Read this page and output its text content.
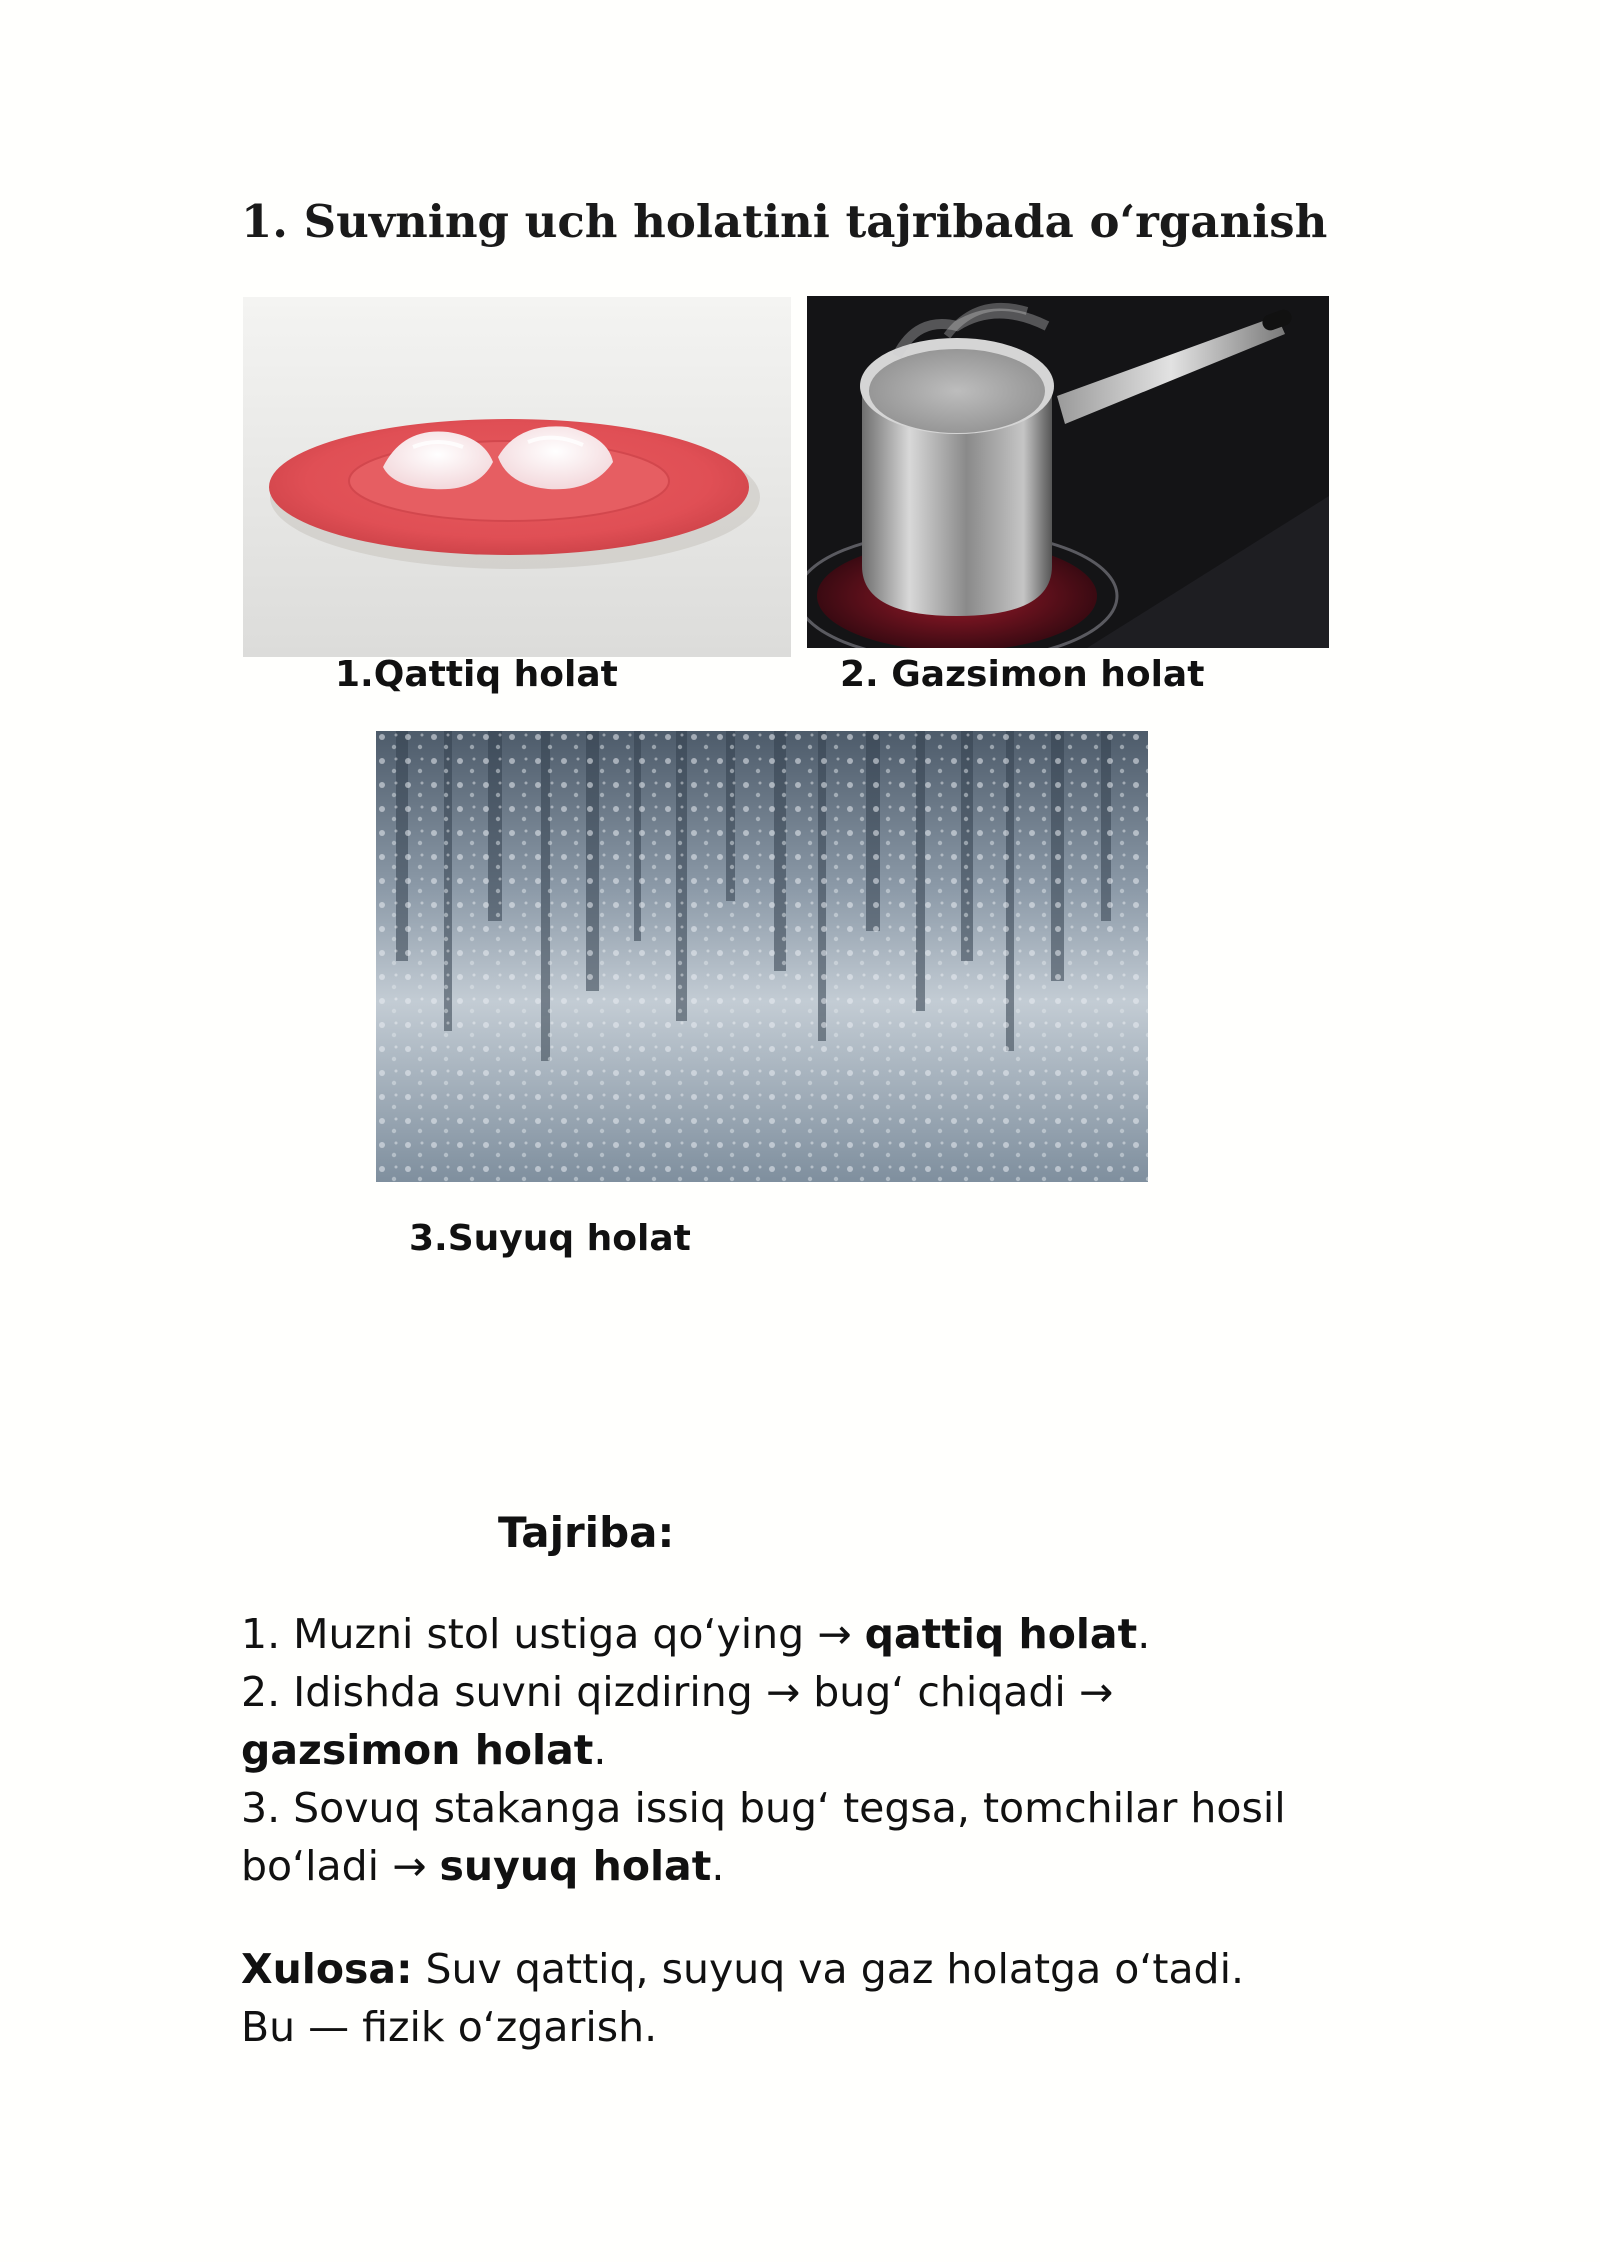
1. Suvning uch holatini tajribada o‘rganish
1.Qattiq holat	2. Gazsimon holat
3.Suyuq holat
Tajriba:

1. Muzni stol ustiga qo‘ying → qattiq holat.

2. Idishda suvni qizdiring → bug‘ chiqadi → gazsimon holat.

3. Sovuq stakanga issiq bug‘ tegsa, tomchilar hosil bo‘ladi → suyuq holat.

Xulosa: Suv qattiq, suyuq va gaz holatga o‘tadi. Bu — fizik o‘zgarish.
